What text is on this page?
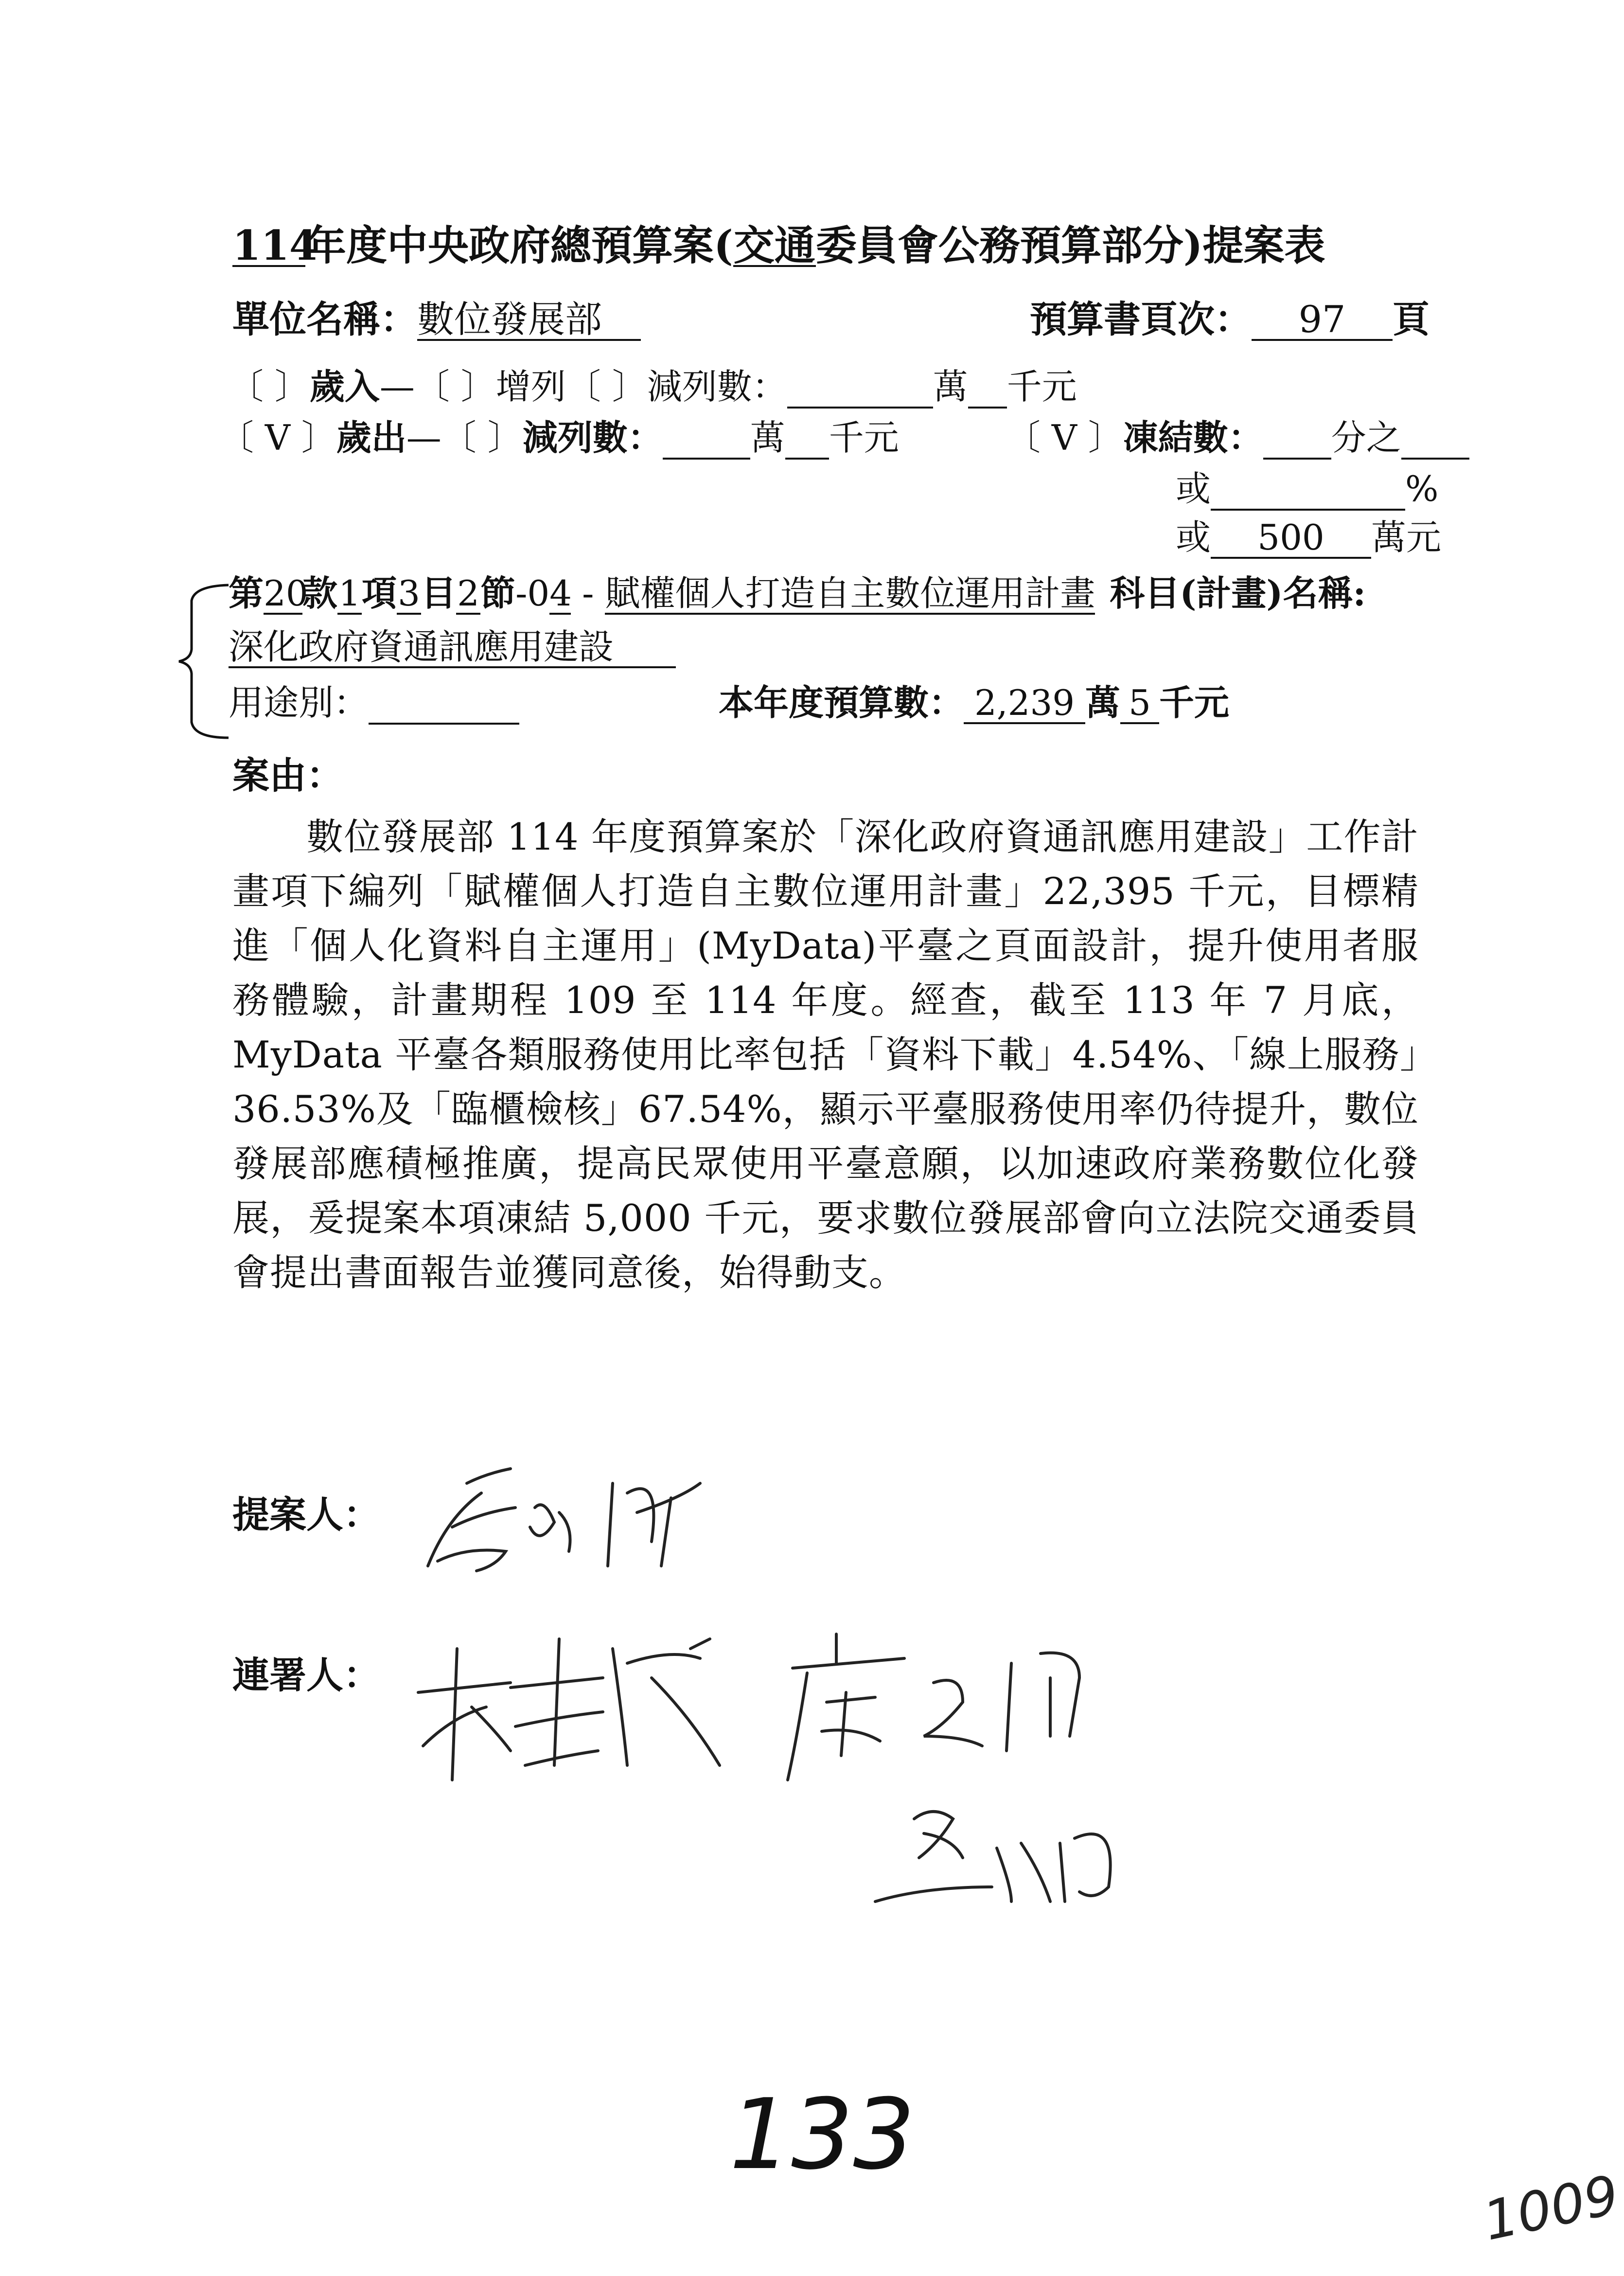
114年度中央政府總預算案(交通委員會公務預算部分)提案表
單位名稱：數位發展部	預算書頁次： 97 頁
〔 〕歲入—〔 〕增列〔 〕減列數：	萬 千元
〔 V 〕歲出—〔 〕減列數：	萬 千元	〔 V 〕凍結數： 分之
或	%
或 500 萬元
第20款1項3目2節-04 - 賦權個人打造自主數位運用計畫 科目(計畫)名稱:
深化政府資通訊應用建設
用途別：	本年度預算數： 2,239 萬 5 千元
案由：
數位發展部 114 年度預算案於「深化政府資通訊應用建設」工作計畫項下編列「賦權個人打造自主數位運用計畫」22,395 千元，目標精進「個人化資料自主運用」(MyData)平臺之頁面設計，提升使用者服務體驗，計畫期程 109 至 114 年度。經查，截至 113 年 7 月底，MyData 平臺各類服務使用比率包括「資料下載」4.54%、「線上服務」36.53%及「臨櫃檢核」67.54%，顯示平臺服務使用率仍待提升，數位發展部應積極推廣，提高民眾使用平臺意願，以加速政府業務數位化發展，爰提案本項凍結 5,000 千元，要求數位發展部會向立法院交通委員會提出書面報告並獲同意後，始得動支。
提案人：
連署人：
133
1009
